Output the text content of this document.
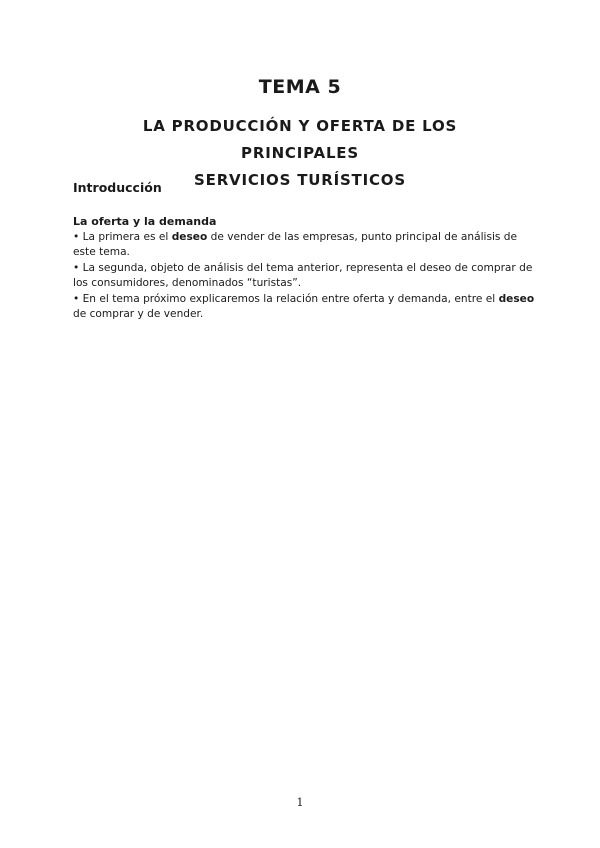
TEMA 5
LA PRODUCCIÓN Y OFERTA DE LOS PRINCIPALES
SERVICIOS TURÍSTICOS
Introducción

La oferta y la demanda

• La primera es el deseo de vender de las empresas, punto principal de análisis de este tema.

• La segunda, objeto de análisis del tema anterior, representa el deseo de comprar de los consumidores, denominados “turistas”.

• En el tema próximo explicaremos la relación entre oferta y demanda, entre el deseo de comprar y de vender.

1
